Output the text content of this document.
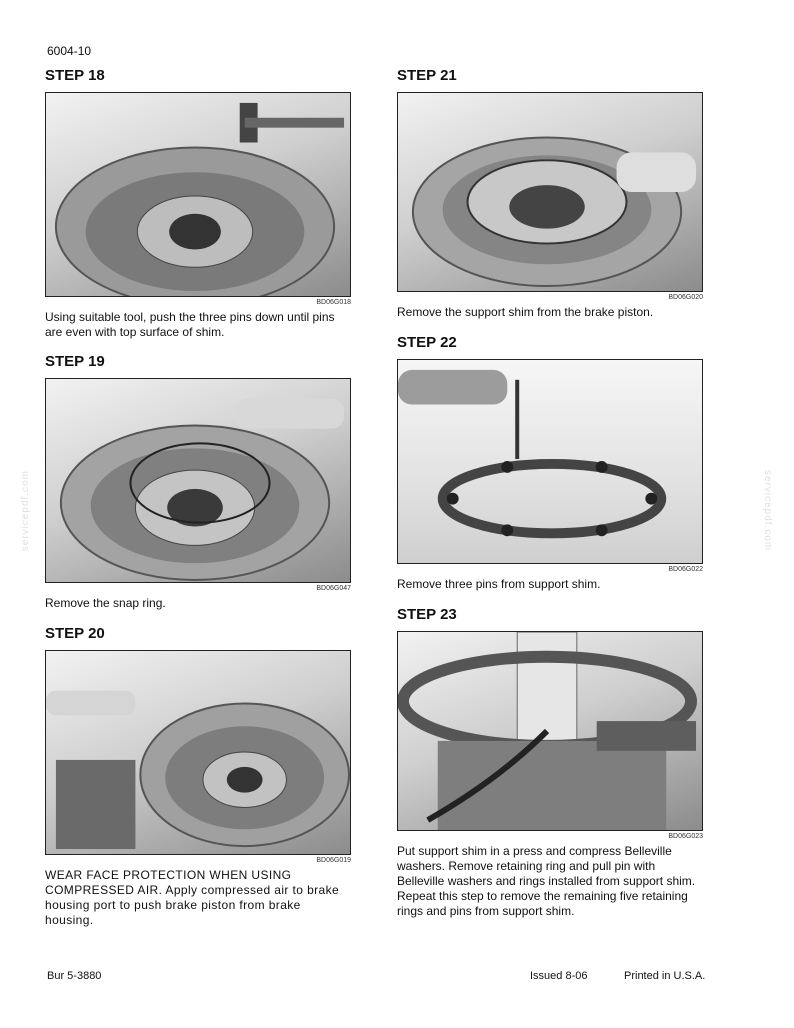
6004-10
servicepdf.com	servicepdf.com
STEP 18
BD06G018
Using suitable tool, push the three pins down until pins are even with top surface of shim.
STEP 19
BD06G047
Remove the snap ring.
STEP 20
BD06G019
WEAR FACE PROTECTION WHEN USING COMPRESSED AIR. Apply compressed air to brake housing port to push brake piston from brake housing.
STEP 21
BD06G020
Remove the support shim from the brake piston.
STEP 22
BD06G022
Remove three pins from support shim.
STEP 23
BD06G023
Put support shim in a press and compress Belleville washers. Remove retaining ring and pull pin with Belleville washers and rings installed from support shim. Repeat this step to remove the remaining five retaining rings and pins from support shim.
Bur 5-3880	Issued 8-06	Printed in U.S.A.
